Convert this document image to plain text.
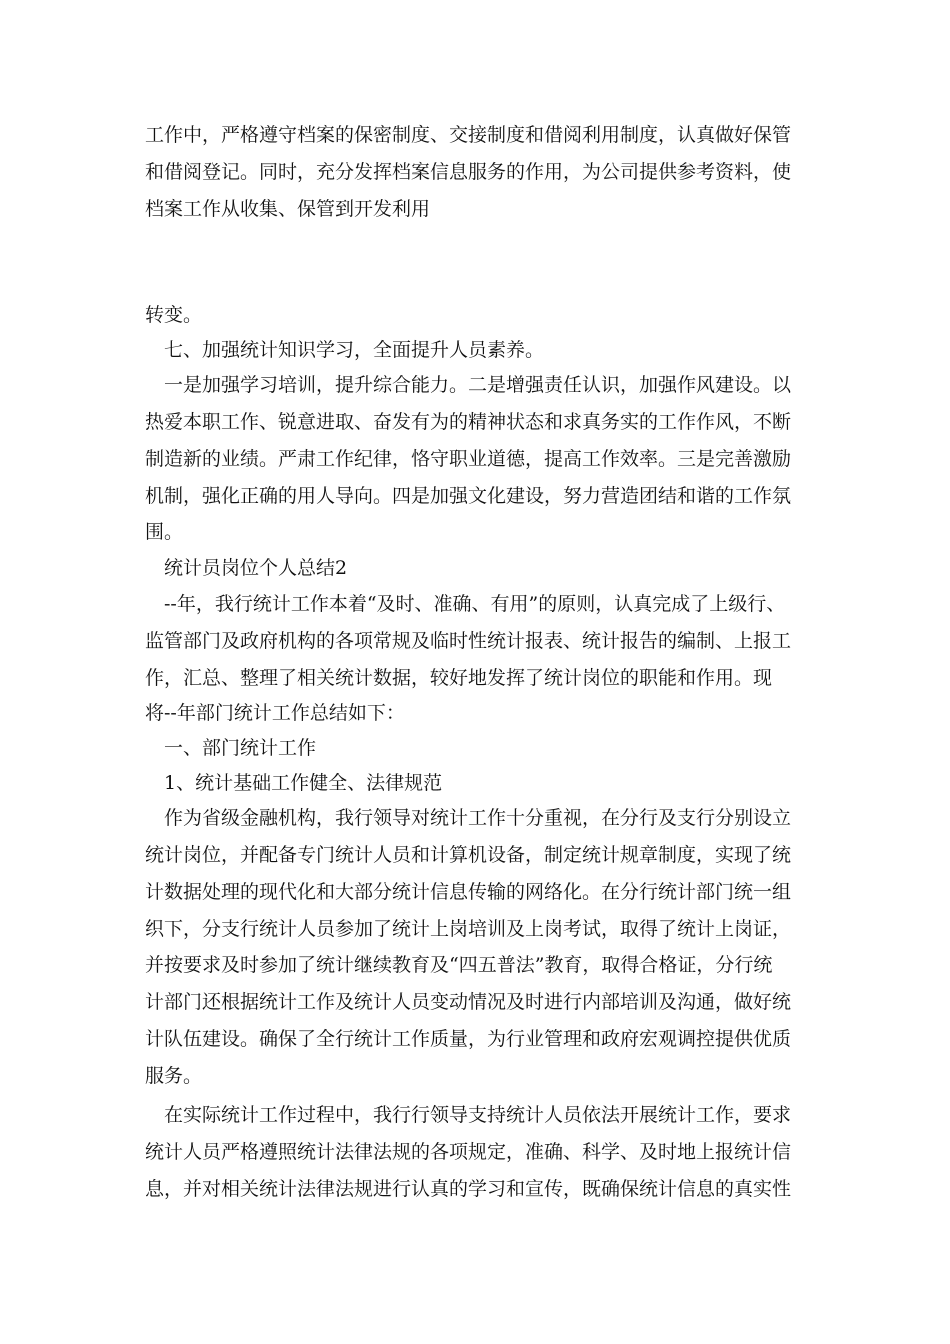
工作中，严格遵守档案的保密制度、交接制度和借阅利用制度，认真做好保管
和借阅登记。同时，充分发挥档案信息服务的作用，为公司提供参考资料，使
档案工作从收集、保管到开发利用
转变。
　七、加强统计知识学习，全面提升人员素养。
　一是加强学习培训，提升综合能力。二是增强责任认识，加强作风建设。以
热爱本职工作、锐意进取、奋发有为的精神状态和求真务实的工作作风，不断
制造新的业绩。严肃工作纪律，恪守职业道德，提高工作效率。三是完善激励
机制，强化正确的用人导向。四是加强文化建设，努力营造团结和谐的工作氛
围。
　统计员岗位个人总结2
　--年，我行统计工作本着“及时、准确、有用”的原则，认真完成了上级行、
监管部门及政府机构的各项常规及临时性统计报表、统计报告的编制、上报工
作，汇总、整理了相关统计数据，较好地发挥了统计岗位的职能和作用。现
将--年部门统计工作总结如下：
　一、部门统计工作
　1、统计基础工作健全、法律规范
　作为省级金融机构，我行领导对统计工作十分重视，在分行及支行分别设立
统计岗位，并配备专门统计人员和计算机设备，制定统计规章制度，实现了统
计数据处理的现代化和大部分统计信息传输的网络化。在分行统计部门统一组
织下，分支行统计人员参加了统计上岗培训及上岗考试，取得了统计上岗证，
并按要求及时参加了统计继续教育及“四五普法”教育，取得合格证，分行统
计部门还根据统计工作及统计人员变动情况及时进行内部培训及沟通，做好统
计队伍建设。确保了全行统计工作质量，为行业管理和政府宏观调控提供优质
服务。
　在实际统计工作过程中，我行行领导支持统计人员依法开展统计工作，要求
统计人员严格遵照统计法律法规的各项规定，准确、科学、及时地上报统计信
息，并对相关统计法律法规进行认真的学习和宣传，既确保统计信息的真实性
